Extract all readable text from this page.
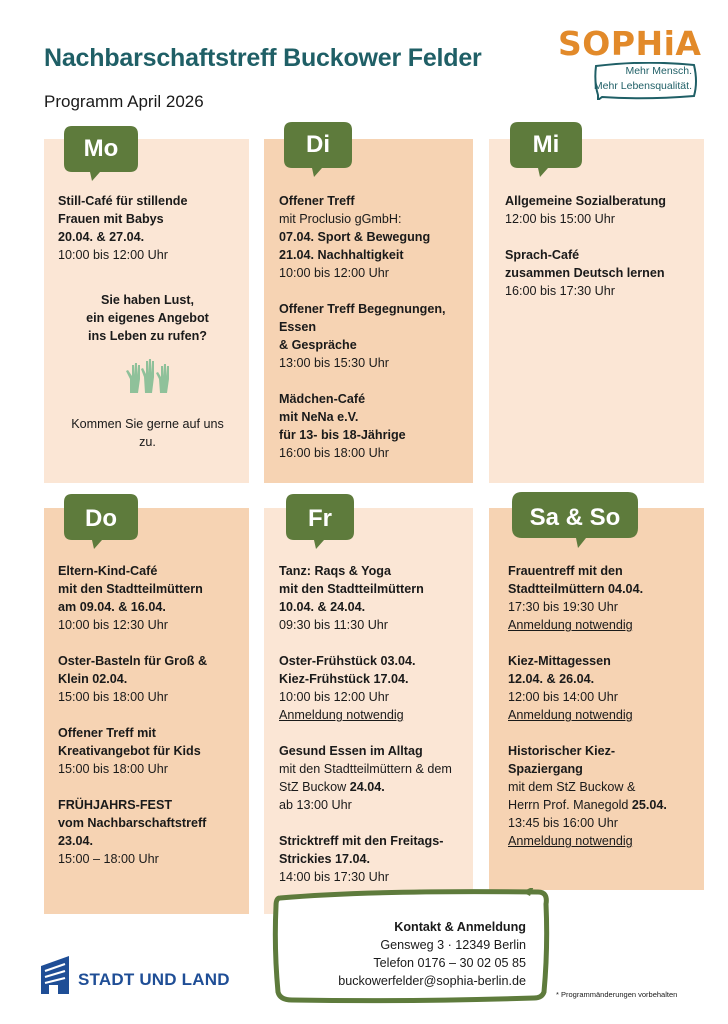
Nachbarschaftstreff Buckower Felder
Programm April 2026
SOPHiA
Mehr Mensch.
Mehr Lebensqualität.
Mo

Still-Café für stillende
Frauen mit Babys
20.04. & 27.04.
10:00 bis 12:00 Uhr

Sie haben Lust,
ein eigenes Angebot
ins Leben zu rufen?
Kommen Sie gerne auf uns
zu.
Di

Offener Treff
mit Proclusio gGmbH:
07.04. Sport & Bewegung
21.04. Nachhaltigkeit
10:00 bis 12:00 Uhr

Offener Treff Begegnungen,
Essen
& Gespräche
13:00 bis 15:30 Uhr

Mädchen-Café
mit NeNa e.V.
für 13- bis 18-Jährige
16:00 bis 18:00 Uhr

Mi

Allgemeine Sozialberatung
12:00 bis 15:00 Uhr

Sprach-Café
zusammen Deutsch lernen
16:00 bis 17:30 Uhr

Do

Eltern-Kind-Café
mit den Stadtteilmüttern
am 09.04. & 16.04.
10:00 bis 12:30 Uhr

Oster-Basteln für Groß &
Klein 02.04.
15:00 bis 18:00 Uhr

Offener Treff mit
Kreativangebot für Kids
15:00 bis 18:00 Uhr

FRÜHJAHRS-FEST
vom Nachbarschaftstreff
23.04.
15:00 – 18:00 Uhr

Fr

Tanz: Raqs & Yoga
mit den Stadtteilmüttern
10.04. & 24.04.
09:30 bis 11:30 Uhr

Oster-Frühstück 03.04.
Kiez-Frühstück 17.04.
10:00 bis 12:00 Uhr
Anmeldung notwendig

Gesund Essen im Alltag
mit den Stadtteilmüttern & dem
StZ Buckow 24.04.
ab 13:00 Uhr

Stricktreff mit den Freitags-
Strickies 17.04.
14:00 bis 17:30 Uhr

Sa & So

Frauentreff mit den
Stadtteilmüttern 04.04.
17:30 bis 19:30 Uhr
Anmeldung notwendig

Kiez-Mittagessen
12.04. & 26.04.
12:00 bis 14:00 Uhr
Anmeldung notwendig

Historischer Kiez-
Spaziergang
mit dem StZ Buckow &
Herrn Prof. Manegold 25.04.
13:45 bis 16:00 Uhr
Anmeldung notwendig

Kontakt & Anmeldung
Gensweg 3 · 12349 Berlin
Telefon 0176 – 30 02 05 85
buckowerfelder@sophia-berlin.de
STADT UND LAND
* Programmänderungen vorbehalten
